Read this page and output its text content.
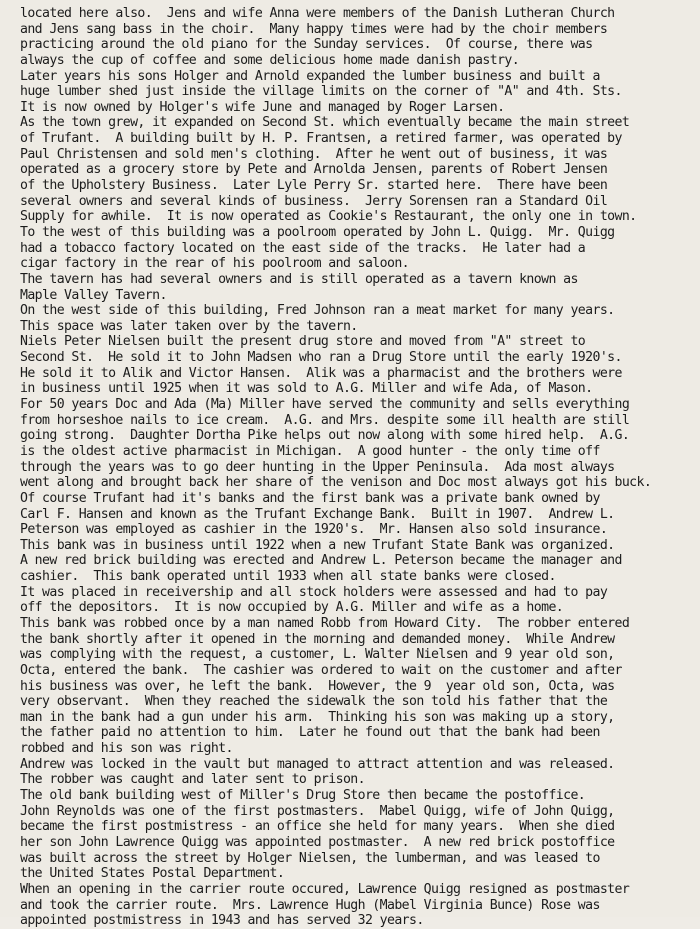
located here also.  Jens and wife Anna were members of the Danish Lutheran Church
and Jens sang bass in the choir.  Many happy times were had by the choir members
practicing around the old piano for the Sunday services.  Of course, there was
always the cup of coffee and some delicious home made danish pastry.
Later years his sons Holger and Arnold expanded the lumber business and built a
huge lumber shed just inside the village limits on the corner of "A" and 4th. Sts.
It is now owned by Holger's wife June and managed by Roger Larsen.
As the town grew, it expanded on Second St. which eventually became the main street
of Trufant.  A building built by H. P. Frantsen, a retired farmer, was operated by
Paul Christensen and sold men's clothing.  After he went out of business, it was
operated as a grocery store by Pete and Arnolda Jensen, parents of Robert Jensen
of the Upholstery Business.  Later Lyle Perry Sr. started here.  There have been
several owners and several kinds of business.  Jerry Sorensen ran a Standard Oil
Supply for awhile.  It is now operated as Cookie's Restaurant, the only one in town.
To the west of this building was a poolroom operated by John L. Quigg.  Mr. Quigg
had a tobacco factory located on the east side of the tracks.  He later had a
cigar factory in the rear of his poolroom and saloon.
The tavern has had several owners and is still operated as a tavern known as
Maple Valley Tavern.
On the west side of this building, Fred Johnson ran a meat market for many years.
This space was later taken over by the tavern.
Niels Peter Nielsen built the present drug store and moved from "A" street to
Second St.  He sold it to John Madsen who ran a Drug Store until the early 1920's.
He sold it to Alik and Victor Hansen.  Alik was a pharmacist and the brothers were
in business until 1925 when it was sold to A.G. Miller and wife Ada, of Mason.
For 50 years Doc and Ada (Ma) Miller have served the community and sells everything
from horseshoe nails to ice cream.  A.G. and Mrs. despite some ill health are still
going strong.  Daughter Dortha Pike helps out now along with some hired help.  A.G.
is the oldest active pharmacist in Michigan.  A good hunter - the only time off
through the years was to go deer hunting in the Upper Peninsula.  Ada most always
went along and brought back her share of the venison and Doc most always got his buck.
Of course Trufant had it's banks and the first bank was a private bank owned by
Carl F. Hansen and known as the Trufant Exchange Bank.  Built in 1907.  Andrew L.
Peterson was employed as cashier in the 1920's.  Mr. Hansen also sold insurance.
This bank was in business until 1922 when a new Trufant State Bank was organized.
A new red brick building was erected and Andrew L. Peterson became the manager and
cashier.  This bank operated until 1933 when all state banks were closed.
It was placed in receivership and all stock holders were assessed and had to pay
off the depositors.  It is now occupied by A.G. Miller and wife as a home.
This bank was robbed once by a man named Robb from Howard City.  The robber entered
the bank shortly after it opened in the morning and demanded money.  While Andrew
was complying with the request, a customer, L. Walter Nielsen and 9 year old son,
Octa, entered the bank.  The cashier was ordered to wait on the customer and after
his business was over, he left the bank.  However, the 9  year old son, Octa, was
very observant.  When they reached the sidewalk the son told his father that the
man in the bank had a gun under his arm.  Thinking his son was making up a story,
the father paid no attention to him.  Later he found out that the bank had been
robbed and his son was right.
Andrew was locked in the vault but managed to attract attention and was released.
The robber was caught and later sent to prison.
The old bank building west of Miller's Drug Store then became the postoffice.
John Reynolds was one of the first postmasters.  Mabel Quigg, wife of John Quigg,
became the first postmistress - an office she held for many years.  When she died
her son John Lawrence Quigg was appointed postmaster.  A new red brick postoffice
was built across the street by Holger Nielsen, the lumberman, and was leased to
the United States Postal Department.
When an opening in the carrier route occured, Lawrence Quigg resigned as postmaster
and took the carrier route.  Mrs. Lawrence Hugh (Mabel Virginia Bunce) Rose was
appointed postmistress in 1943 and has served 32 years.
